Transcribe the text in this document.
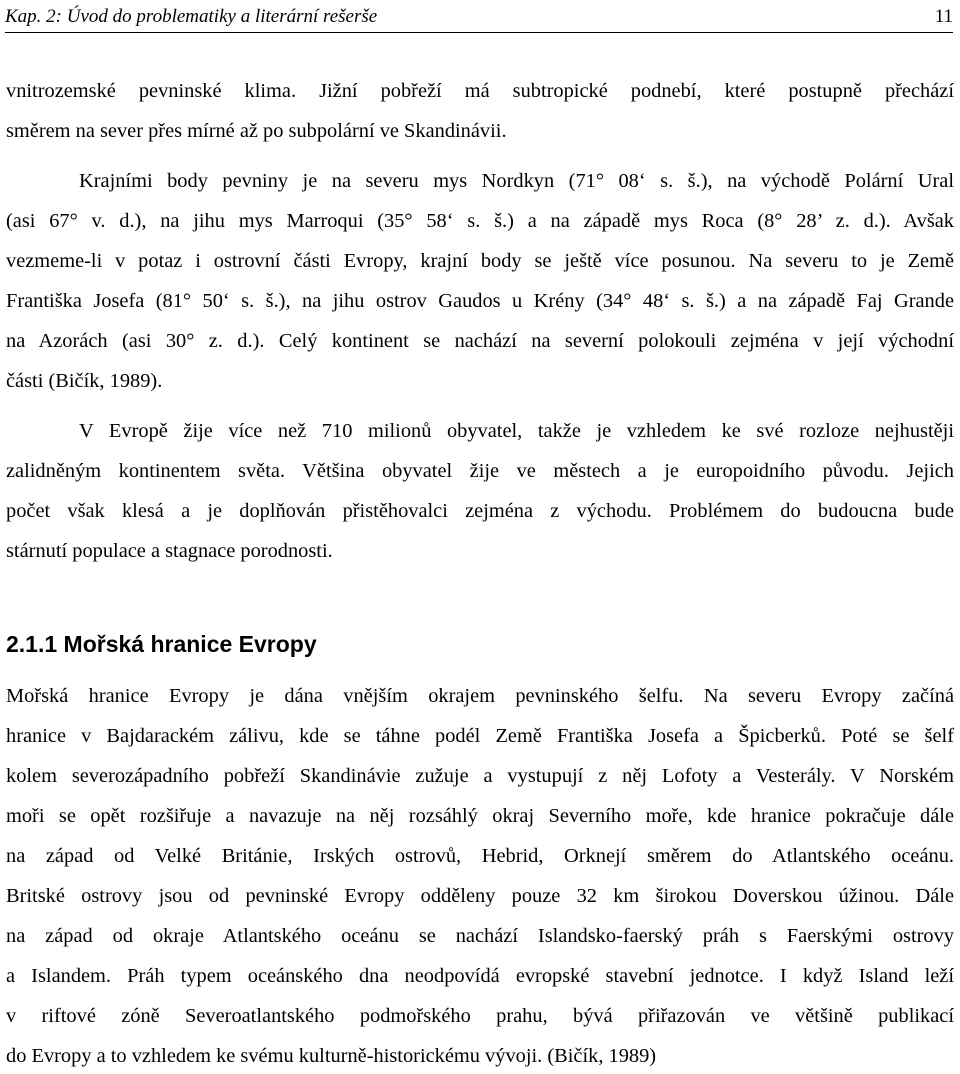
Kap. 2: Úvod do problematiky a literární rešerše	11
vnitrozemské pevninské klima. Jižní pobřeží má subtropické podnebí, které postupně přechází
směrem na sever přes mírné až po subpolární ve Skandinávii.
Krajními body pevniny je na severu mys Nordkyn (71° 08‘ s. š.), na východě Polární Ural
(asi 67° v. d.), na jihu mys Marroqui (35° 58‘ s. š.) a na západě mys Roca (8° 28’ z. d.). Avšak
vezmeme-li v potaz i ostrovní části Evropy, krajní body se ještě více posunou. Na severu to je Země
Františka Josefa (81° 50‘ s. š.), na jihu ostrov Gaudos u Krény (34° 48‘ s. š.) a na západě Faj Grande
na Azorách (asi 30° z. d.). Celý kontinent se nachází na severní polokouli zejména v její východní
části (Bičík, 1989).
V Evropě žije více než 710 milionů obyvatel, takže je vzhledem ke své rozloze nejhustěji
zalidněným kontinentem světa. Většina obyvatel žije ve městech a je europoidního původu. Jejich
počet však klesá a je doplňován přistěhovalci zejména z východu. Problémem do budoucna bude
stárnutí populace a stagnace porodnosti.
2.1.1 Mořská hranice Evropy
Mořská hranice Evropy je dána vnějším okrajem pevninského šelfu. Na severu Evropy začíná
hranice v Bajdarackém zálivu, kde se táhne podél Země Františka Josefa a Špicberků. Poté se šelf
kolem severozápadního pobřeží Skandinávie zužuje a vystupují z něj Lofoty a Vesterály. V Norském
moři se opět rozšiřuje a navazuje na něj rozsáhlý okraj Severního moře, kde hranice pokračuje dále
na západ od Velké Británie, Irských ostrovů, Hebrid, Orknejí směrem do Atlantského oceánu.
Britské ostrovy jsou od pevninské Evropy odděleny pouze 32 km širokou Doverskou úžinou. Dále
na západ od okraje Atlantského oceánu se nachází Islandsko-faerský práh s Faerskými ostrovy
a Islandem. Práh typem oceánského dna neodpovídá evropské stavební jednotce. I když Island leží
v riftové zóně Severoatlantského podmořského prahu, bývá přiřazován ve většině publikací
do Evropy a to vzhledem ke svému kulturně-historickému vývoji. (Bičík, 1989)
